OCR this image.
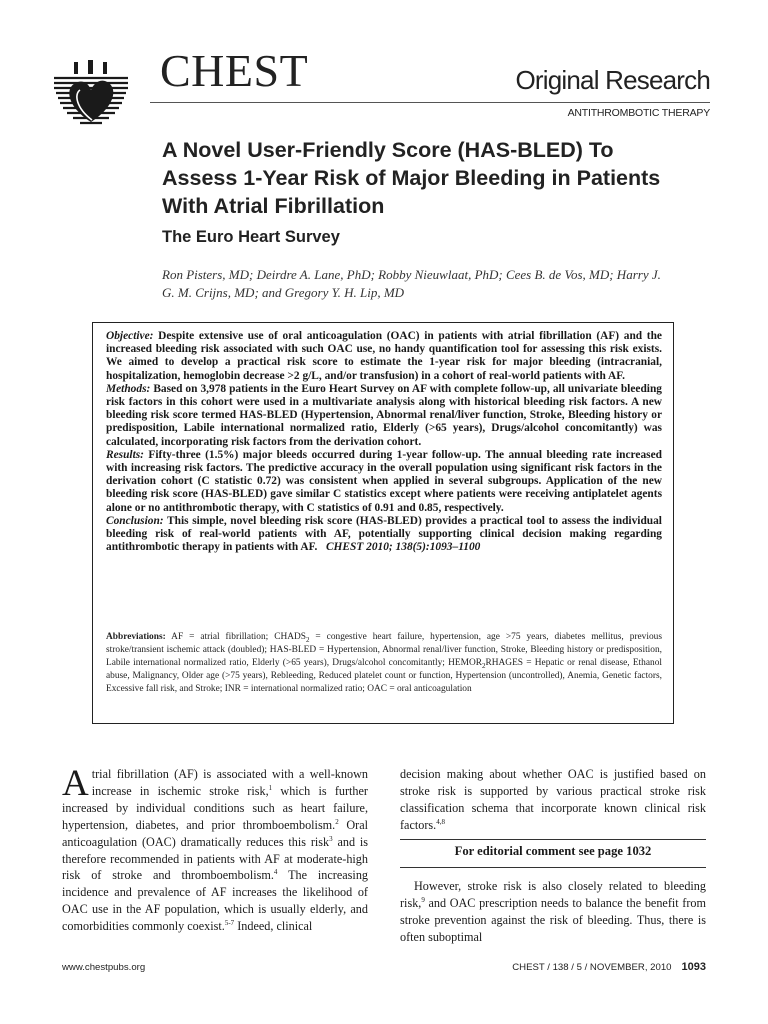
CHEST	Original Research
ANTITHROMBOTIC THERAPY
A Novel User-Friendly Score (HAS-BLED) To Assess 1-Year Risk of Major Bleeding in Patients With Atrial Fibrillation
The Euro Heart Survey
Ron Pisters, MD; Deirdre A. Lane, PhD; Robby Nieuwlaat, PhD; Cees B. de Vos, MD; Harry J. G. M. Crijns, MD; and Gregory Y. H. Lip, MD

Objective: Despite extensive use of oral anticoagulation (OAC) in patients with atrial fibrillation (AF) and the increased bleeding risk associated with such OAC use, no handy quantification tool for assessing this risk exists. We aimed to develop a practical risk score to estimate the 1-year risk for major bleeding (intracranial, hospitalization, hemoglobin decrease >2 g/L, and/or transfusion) in a cohort of real-world patients with AF.

Methods: Based on 3,978 patients in the Euro Heart Survey on AF with complete follow-up, all univariate bleeding risk factors in this cohort were used in a multivariate analysis along with historical bleeding risk factors. A new bleeding risk score termed HAS-BLED (Hypertension, Abnormal renal/liver function, Stroke, Bleeding history or predisposition, Labile international normalized ratio, Elderly (>65 years), Drugs/alcohol concomitantly) was calculated, incorporating risk factors from the derivation cohort.

Results: Fifty-three (1.5%) major bleeds occurred during 1-year follow-up. The annual bleeding rate increased with increasing risk factors. The predictive accuracy in the overall population using significant risk factors in the derivation cohort (C statistic 0.72) was consistent when applied in several subgroups. Application of the new bleeding risk score (HAS-BLED) gave similar C statistics except where patients were receiving antiplatelet agents alone or no antithrombotic therapy, with C statistics of 0.91 and 0.85, respectively.

Conclusion: This simple, novel bleeding risk score (HAS-BLED) provides a practical tool to assess the individual bleeding risk of real-world patients with AF, potentially supporting clinical decision making regarding antithrombotic therapy in patients with AF. CHEST 2010; 138(5):1093–1100

Abbreviations: AF = atrial fibrillation; $CHADS_2$ = congestive heart failure, hypertension, age >75 years, diabetes mellitus, previous stroke/transient ischemic attack (doubled); HAS-BLED = Hypertension, Abnormal renal/liver function, Stroke, Bleeding history or predisposition, Labile international normalized ratio, Elderly (>65 years), Drugs/alcohol concomitantly; $HEMOR_2RHAGES$ = Hepatic or renal disease, Ethanol abuse, Malignancy, Older age (>75 years), Rebleeding, Reduced platelet count or function, Hypertension (uncontrolled), Anemia, Genetic factors, Excessive fall risk, and Stroke; INR = international normalized ratio; OAC = oral anticoagulation

Atrial fibrillation (AF) is associated with a well-known increase in ischemic stroke risk,$^1$ which is further increased by individual conditions such as heart failure, hypertension, diabetes, and prior thromboembolism.$^2$ Oral anticoagulation (OAC) dramatically reduces this risk$^3$ and is therefore recommended in patients with AF at moderate-high risk of stroke and thromboembolism.$^4$ The increasing incidence and prevalence of AF increases the likelihood of OAC use in the AF population, which is usually elderly, and comorbidities commonly coexist.$^{5-7}$ Indeed, clinical

decision making about whether OAC is justified based on stroke risk is supported by various practical stroke risk classification schema that incorporate known clinical risk factors.$^{4,8}$

For editorial comment see page 1032

However, stroke risk is also closely related to bleeding risk,$^9$ and OAC prescription needs to balance the benefit from stroke prevention against the risk of bleeding. Thus, there is often suboptimal

www.chestpubs.org	CHEST / 138 / 5 / NOVEMBER, 2010 1093
